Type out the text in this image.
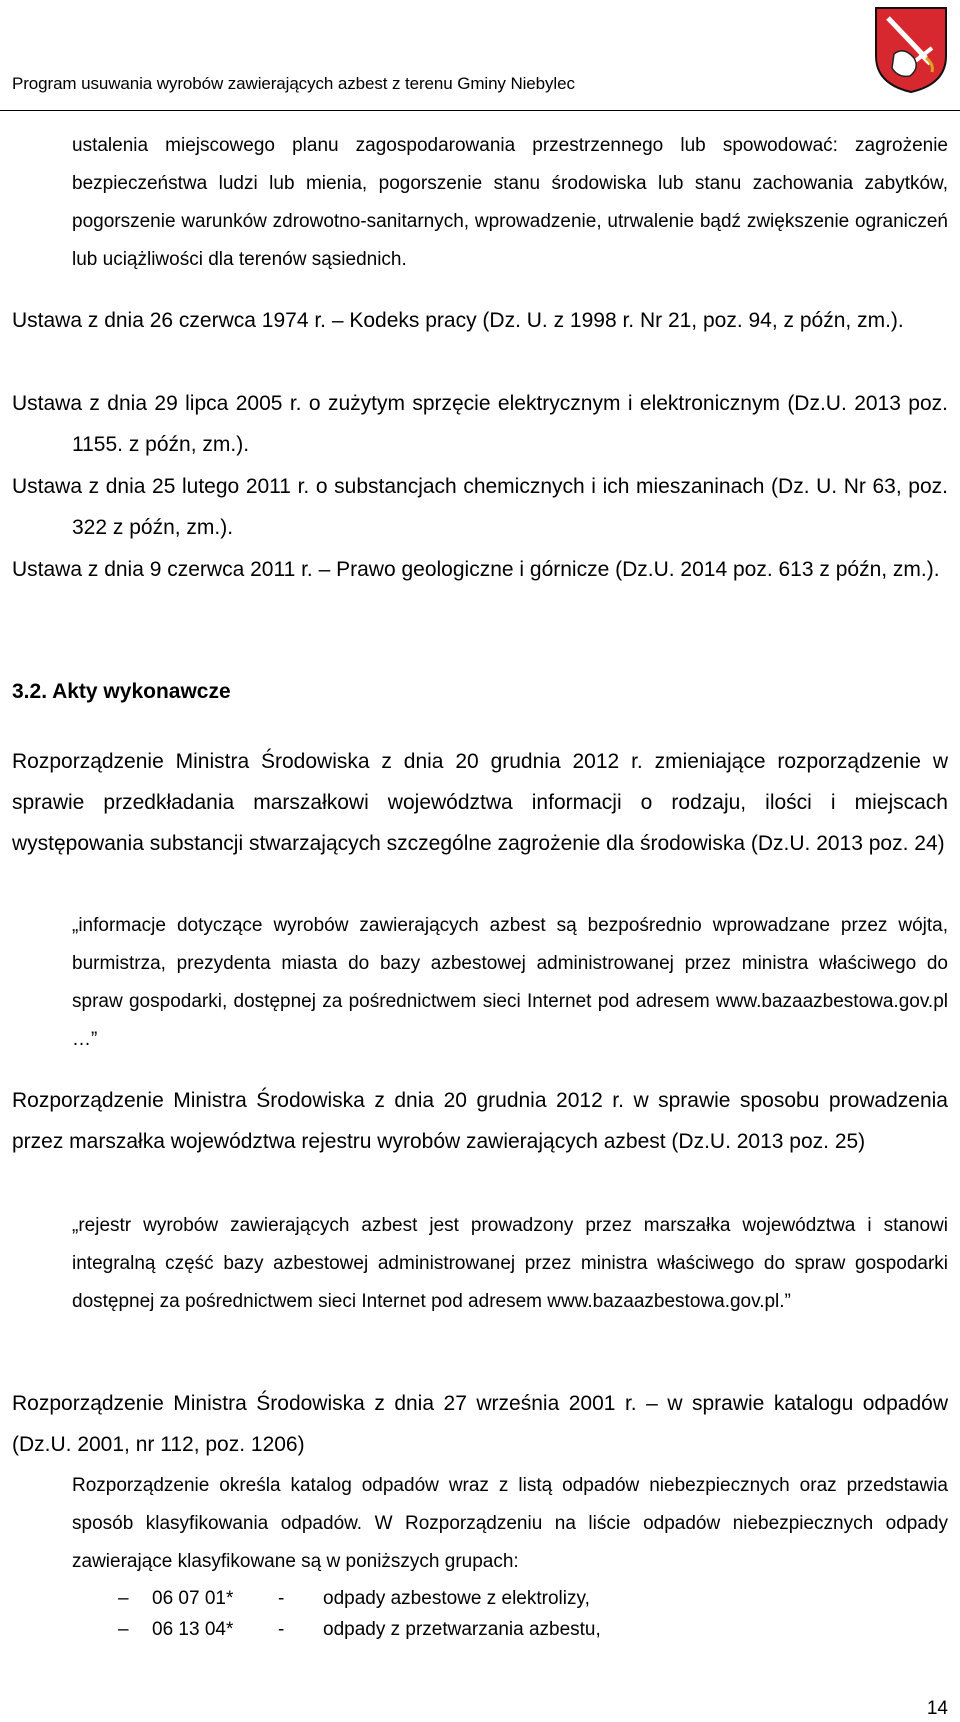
Program usuwania wyrobów zawierających azbest z terenu Gminy Niebylec
ustalenia miejscowego planu zagospodarowania przestrzennego lub spowodować: zagrożenie bezpieczeństwa ludzi lub mienia, pogorszenie stanu środowiska lub stanu zachowania zabytków, pogorszenie warunków zdrowotno-sanitarnych, wprowadzenie, utrwalenie bądź zwiększenie ograniczeń lub uciążliwości dla terenów sąsiednich.
Ustawa z dnia 26 czerwca 1974 r. – Kodeks pracy (Dz. U. z 1998 r. Nr 21, poz. 94, z późn, zm.).
Ustawa z dnia 29 lipca 2005 r. o zużytym sprzęcie elektrycznym i elektronicznym (Dz.U. 2013 poz. 1155. z późn, zm.).
Ustawa z dnia 25 lutego 2011 r. o substancjach chemicznych i ich mieszaninach (Dz. U. Nr 63, poz. 322 z późn, zm.).
Ustawa z dnia 9 czerwca 2011 r. – Prawo geologiczne i górnicze (Dz.U. 2014 poz. 613 z późn, zm.).
3.2. Akty wykonawcze
Rozporządzenie Ministra Środowiska z dnia 20 grudnia 2012 r. zmieniające rozporządzenie w sprawie przedkładania marszałkowi województwa informacji o rodzaju, ilości i miejscach występowania substancji stwarzających szczególne zagrożenie dla środowiska (Dz.U. 2013 poz. 24)
„informacje dotyczące wyrobów zawierających azbest są bezpośrednio wprowadzane przez wójta, burmistrza, prezydenta miasta do bazy azbestowej administrowanej przez ministra właściwego do spraw gospodarki, dostępnej za pośrednictwem sieci Internet pod adresem www.bazaazbestowa.gov.pl …”
Rozporządzenie Ministra Środowiska z dnia 20 grudnia 2012 r. w sprawie sposobu prowadzenia przez marszałka województwa rejestru wyrobów zawierających azbest (Dz.U. 2013 poz. 25)
„rejestr wyrobów zawierających azbest jest prowadzony przez marszałka województwa i stanowi integralną część bazy azbestowej administrowanej przez ministra właściwego do spraw gospodarki dostępnej za pośrednictwem sieci Internet pod adresem www.bazaazbestowa.gov.pl.”
Rozporządzenie Ministra Środowiska z dnia 27 września 2001 r. – w sprawie katalogu odpadów (Dz.U. 2001, nr 112, poz. 1206)
Rozporządzenie określa katalog odpadów wraz z listą odpadów niebezpiecznych oraz przedstawia sposób klasyfikowania odpadów. W Rozporządzeniu na liście odpadów niebezpiecznych odpady zawierające klasyfikowane są w poniższych grupach:
– 06 07 01* - odpady azbestowe z elektrolizy,
– 06 13 04* - odpady z przetwarzania azbestu,
14
